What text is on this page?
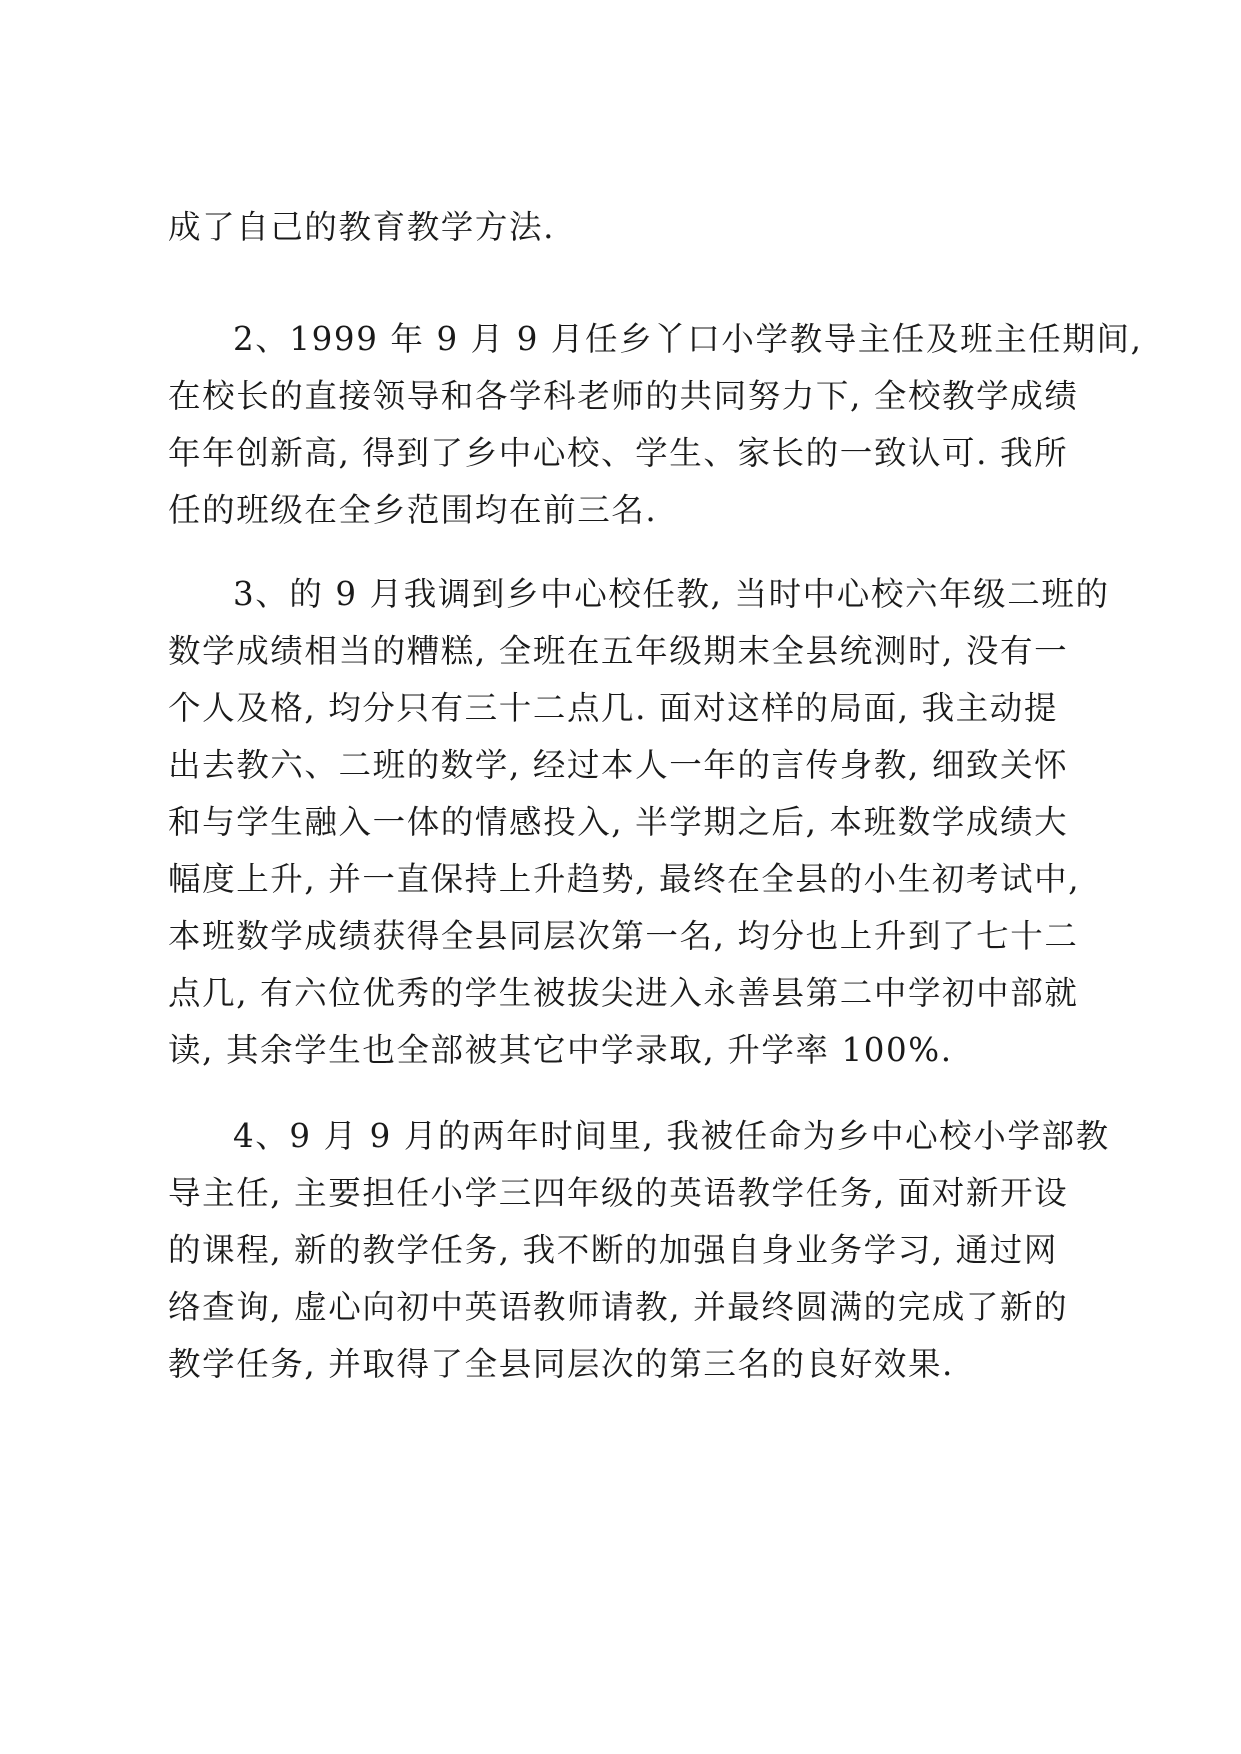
成了自己的教育教学方法.
2、1999 年 9 月 9 月任乡丫口小学教导主任及班主任期间,
在校长的直接领导和各学科老师的共同努力下, 全校教学成绩
年年创新高, 得到了乡中心校、学生、家长的一致认可. 我所
任的班级在全乡范围均在前三名.
3、的 9 月我调到乡中心校任教, 当时中心校六年级二班的
数学成绩相当的糟糕, 全班在五年级期末全县统测时, 没有一
个人及格, 均分只有三十二点几. 面对这样的局面, 我主动提
出去教六、二班的数学, 经过本人一年的言传身教, 细致关怀
和与学生融入一体的情感投入, 半学期之后, 本班数学成绩大
幅度上升, 并一直保持上升趋势, 最终在全县的小生初考试中,
本班数学成绩获得全县同层次第一名, 均分也上升到了七十二
点几, 有六位优秀的学生被拔尖进入永善县第二中学初中部就
读, 其余学生也全部被其它中学录取, 升学率 100%.
4、9 月 9 月的两年时间里, 我被任命为乡中心校小学部教
导主任, 主要担任小学三四年级的英语教学任务, 面对新开设
的课程, 新的教学任务, 我不断的加强自身业务学习, 通过网
络查询, 虚心向初中英语教师请教, 并最终圆满的完成了新的
教学任务, 并取得了全县同层次的第三名的良好效果.
